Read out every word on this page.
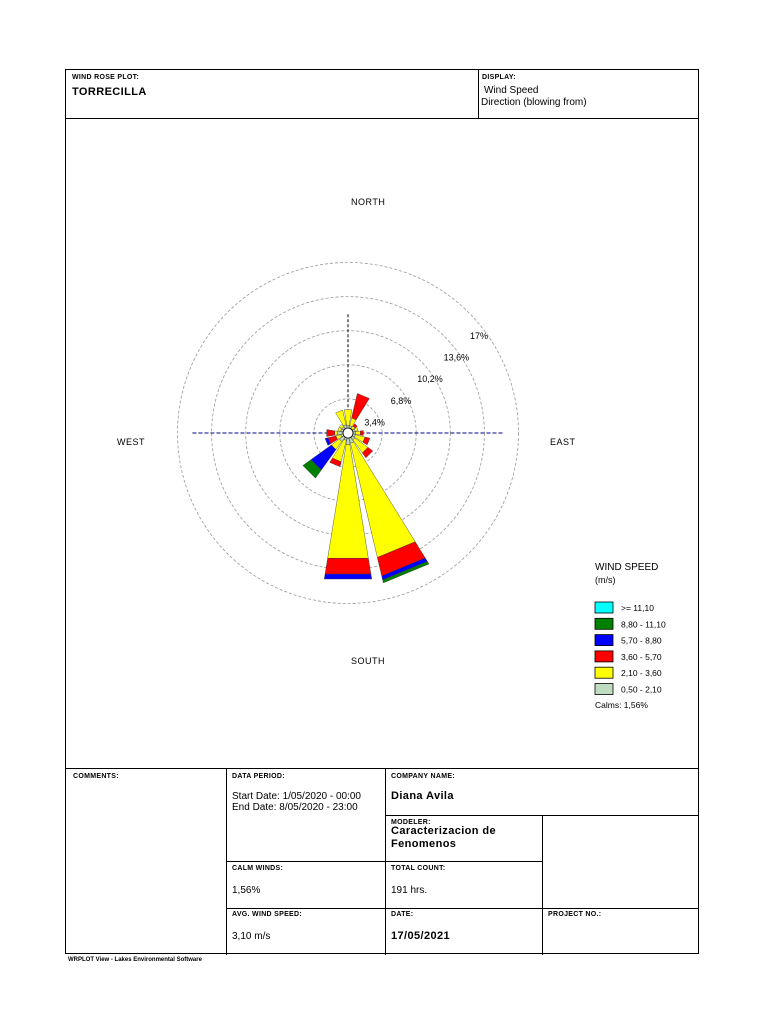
WIND ROSE PLOT:
TORRECILLA
DISPLAY:
Wind Speed
Direction (blowing from)
3,4%
6,8%
10,2%
13,6%
17%
NORTH
SOUTH
EAST
WEST
WIND SPEED
(m/s)
>= 11,10
8,80 - 11,10
5,70 - 8,80
3,60 - 5,70
2,10 - 3,60
0,50 - 2,10
Calms: 1,56%
COMMENTS:	DATA PERIOD:
Start Date: 1/05/2020 - 00:00
End Date: 8/05/2020 - 23:00
COMPANY NAME:
Diana Avila
MODELER:
Caracterizacion de
Fenomenos
CALM WINDS:
1,56%
TOTAL COUNT:
191 hrs.
AVG. WIND SPEED:
3,10 m/s
DATE:
17/05/2021
PROJECT NO.:
WRPLOT View - Lakes Environmental Software
